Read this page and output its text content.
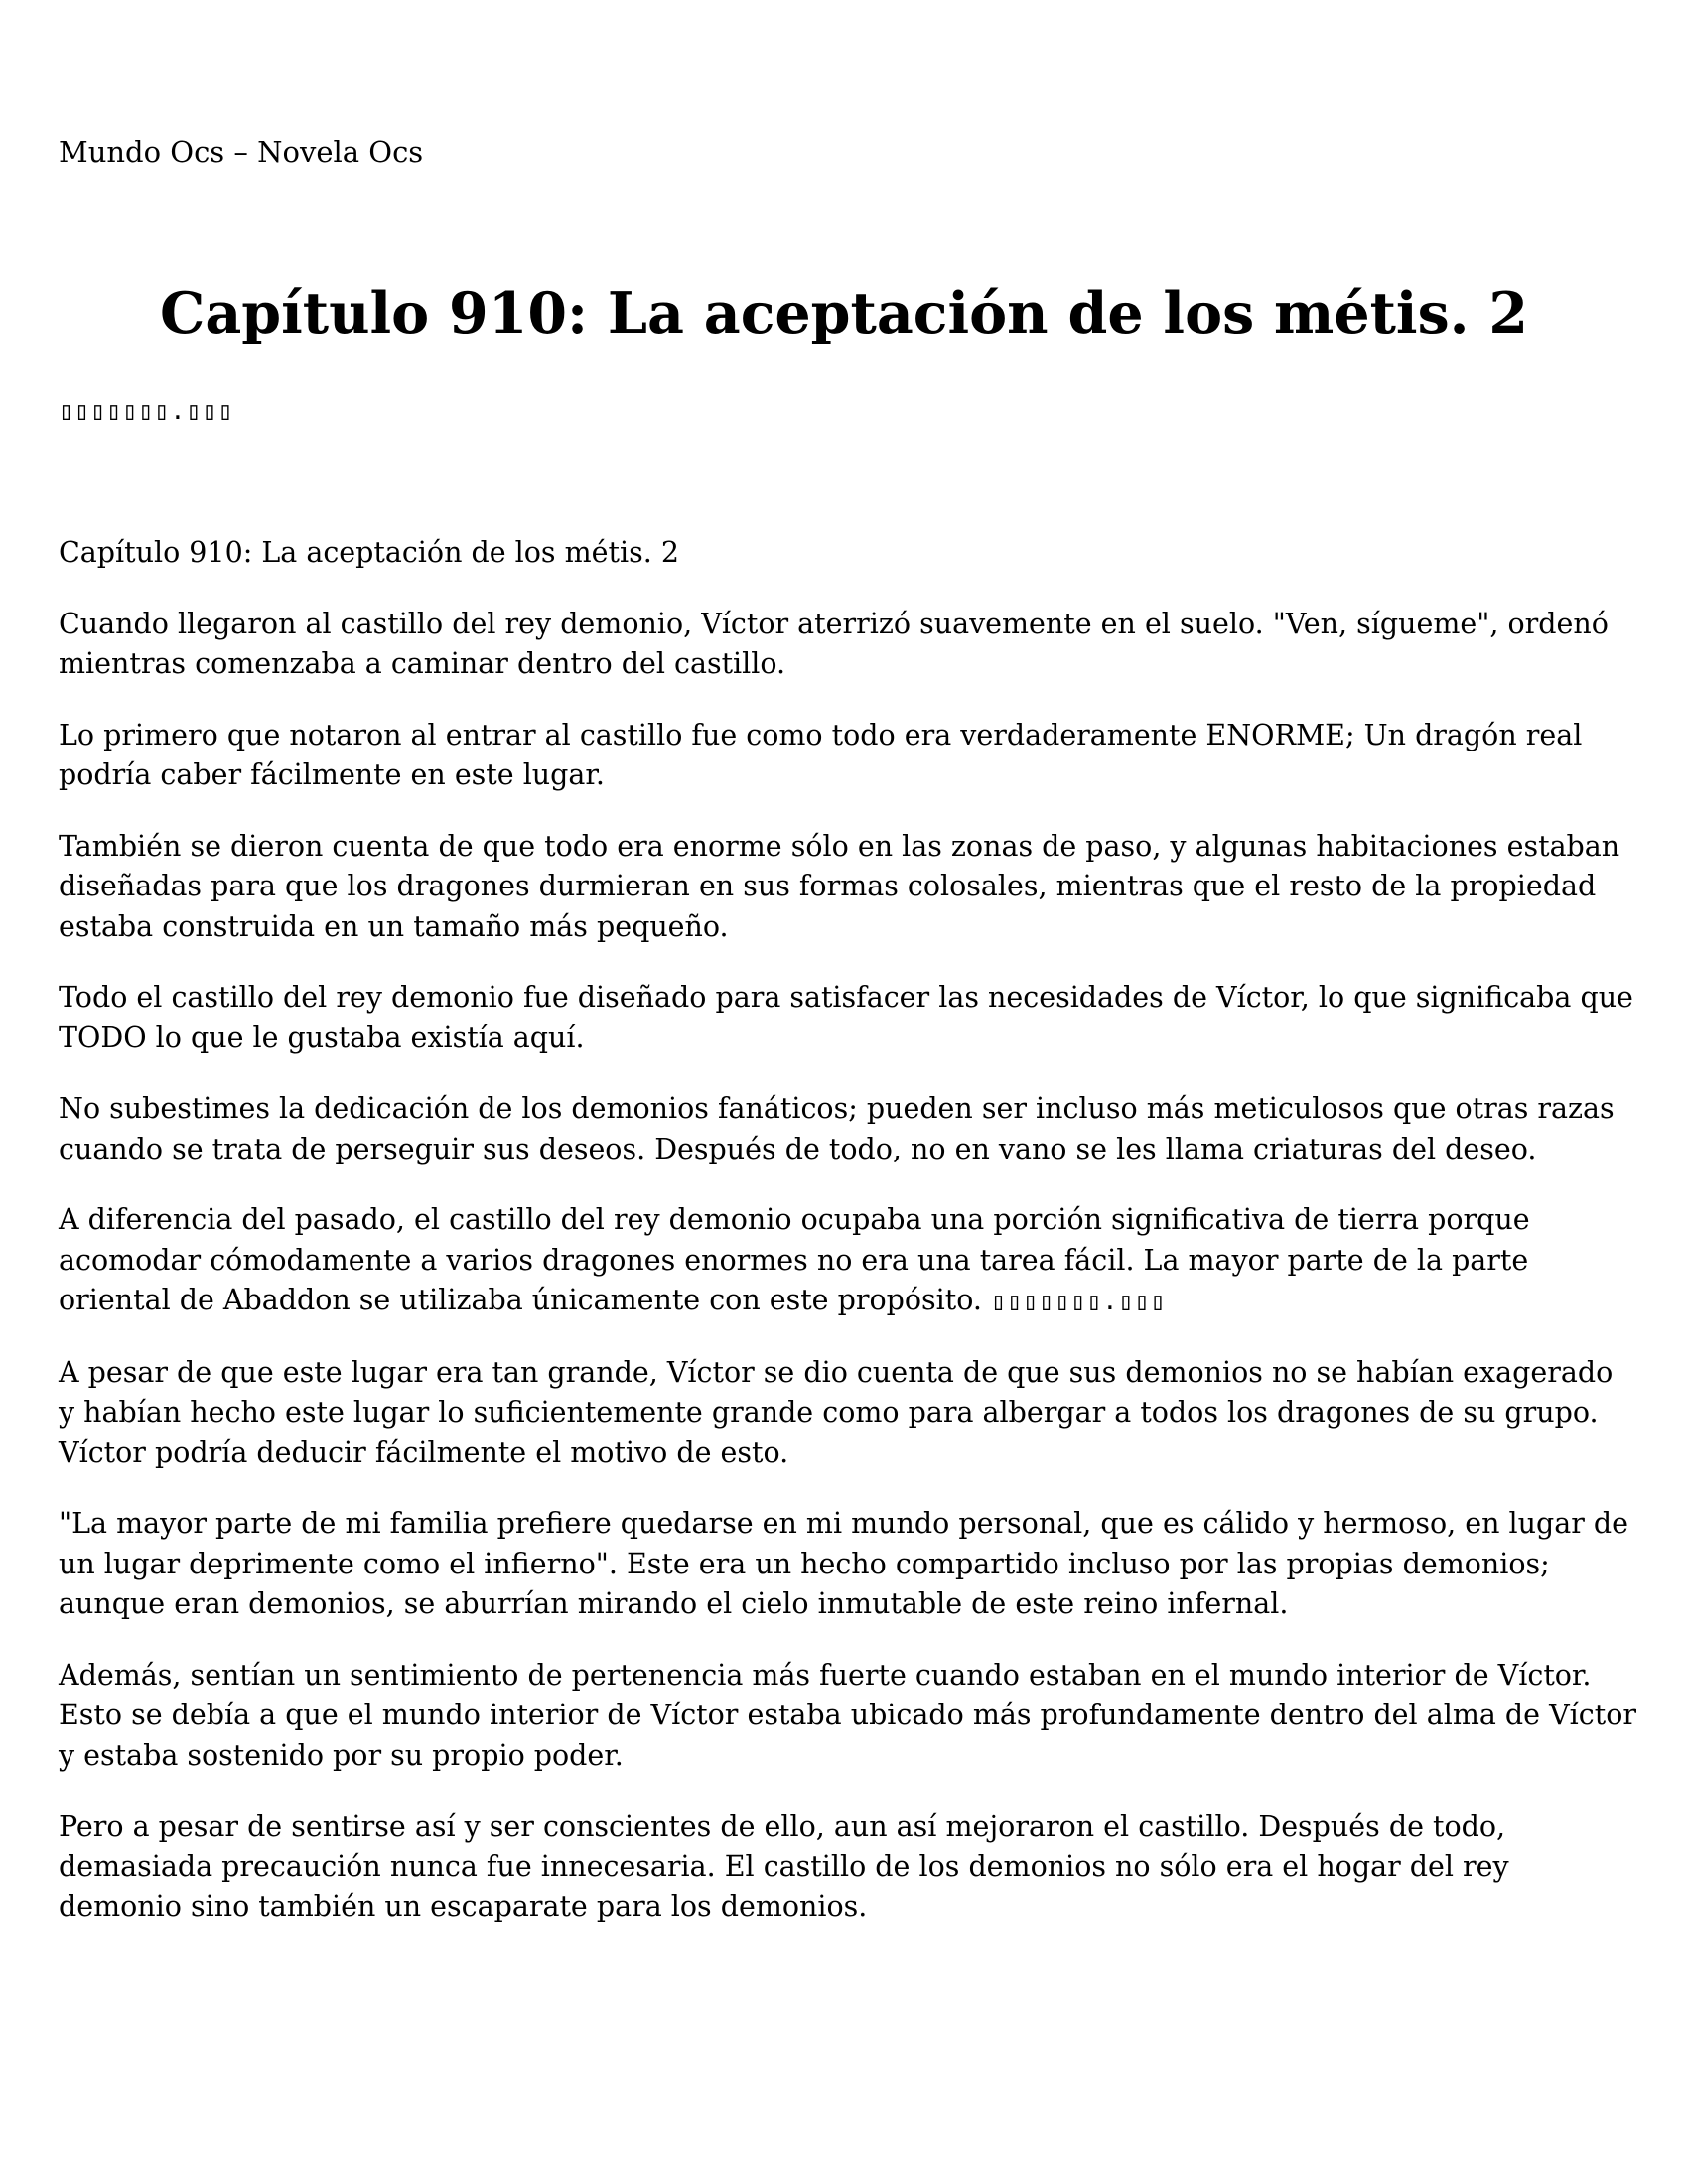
Mundo Ocs – Novela Ocs
Capítulo 910: La aceptación de los métis. 2
▯▯▯▯▯▯▯.▯▯▯

Capítulo 910: La aceptación de los métis. 2

Cuando llegaron al castillo del rey demonio, Víctor aterrizó suavemente en el suelo. "Ven, sígueme", ordenó mientras comenzaba a caminar dentro del castillo.

Lo primero que notaron al entrar al castillo fue como todo era verdaderamente ENORME; Un dragón real podría caber fácilmente en este lugar.

También se dieron cuenta de que todo era enorme sólo en las zonas de paso, y algunas habitaciones estaban diseñadas para que los dragones durmieran en sus formas colosales, mientras que el resto de la propiedad estaba construida en un tamaño más pequeño.

Todo el castillo del rey demonio fue diseñado para satisfacer las necesidades de Víctor, lo que significaba que TODO lo que le gustaba existía aquí.

No subestimes la dedicación de los demonios fanáticos; pueden ser incluso más meticulosos que otras razas cuando se trata de perseguir sus deseos. Después de todo, no en vano se les llama criaturas del deseo.

A diferencia del pasado, el castillo del rey demonio ocupaba una porción significativa de tierra porque acomodar cómodamente a varios dragones enormes no era una tarea fácil. La mayor parte de la parte oriental de Abaddon se utilizaba únicamente con este propósito. ▯▯▯▯▯▯▯.▯▯▯

A pesar de que este lugar era tan grande, Víctor se dio cuenta de que sus demonios no se habían exagerado y habían hecho este lugar lo suficientemente grande como para albergar a todos los dragones de su grupo. Víctor podría deducir fácilmente el motivo de esto.

"La mayor parte de mi familia prefiere quedarse en mi mundo personal, que es cálido y hermoso, en lugar de un lugar deprimente como el infierno". Este era un hecho compartido incluso por las propias demonios; aunque eran demonios, se aburrían mirando el cielo inmutable de este reino infernal.

Además, sentían un sentimiento de pertenencia más fuerte cuando estaban en el mundo interior de Víctor. Esto se debía a que el mundo interior de Víctor estaba ubicado más profundamente dentro del alma de Víctor y estaba sostenido por su propio poder.

Pero a pesar de sentirse así y ser conscientes de ello, aun así mejoraron el castillo. Después de todo, demasiada precaución nunca fue innecesaria. El castillo de los demonios no sólo era el hogar del rey demonio sino también un escaparate para los demonios.
